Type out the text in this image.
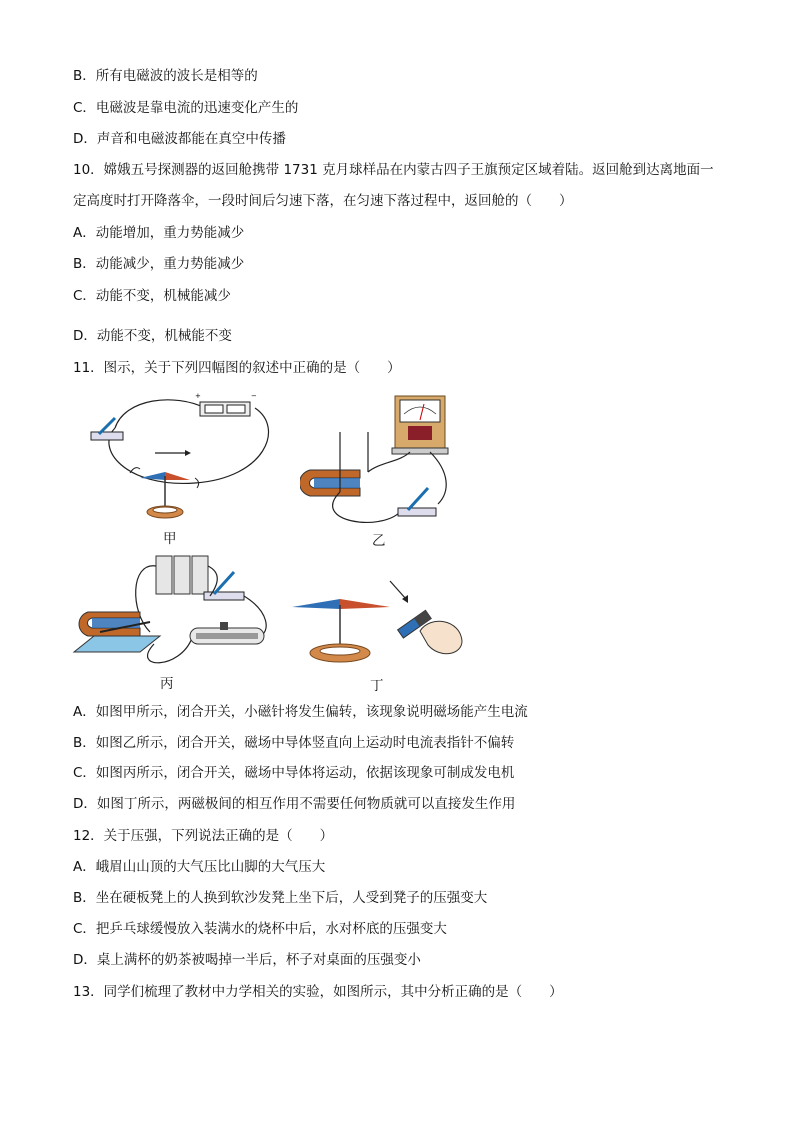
B．所有电磁波的波长是相等的
C．电磁波是靠电流的迅速变化产生的
D．声音和电磁波都能在真空中传播
10．嫦娥五号探测器的返回舱携带 1731 克月球样品在内蒙古四子王旗预定区域着陆。返回舱到达离地面一
定高度时打开降落伞，一段时间后匀速下落，在匀速下落过程中，返回舱的（　　）
A．动能增加，重力势能减少
B．动能减少，重力势能减少
C．动能不变，机械能减少
D．动能不变，机械能不变
11．图示，关于下列四幅图的叙述中正确的是（　　）
+	−
甲	乙
丙	丁
A．如图甲所示，闭合开关，小磁针将发生偏转，该现象说明磁场能产生电流
B．如图乙所示，闭合开关，磁场中导体竖直向上运动时电流表指针不偏转
C．如图丙所示，闭合开关，磁场中导体将运动，依据该现象可制成发电机
D．如图丁所示，两磁极间的相互作用不需要任何物质就可以直接发生作用
12．关于压强，下列说法正确的是（　　）
A．峨眉山山顶的大气压比山脚的大气压大
B．坐在硬板凳上的人换到软沙发凳上坐下后，人受到凳子的压强变大
C．把乒乓球缓慢放入装满水的烧杯中后，水对杯底的压强变大
D．桌上满杯的奶茶被喝掉一半后，杯子对桌面的压强变小
13．同学们梳理了教材中力学相关的实验，如图所示，其中分析正确的是（　　）
